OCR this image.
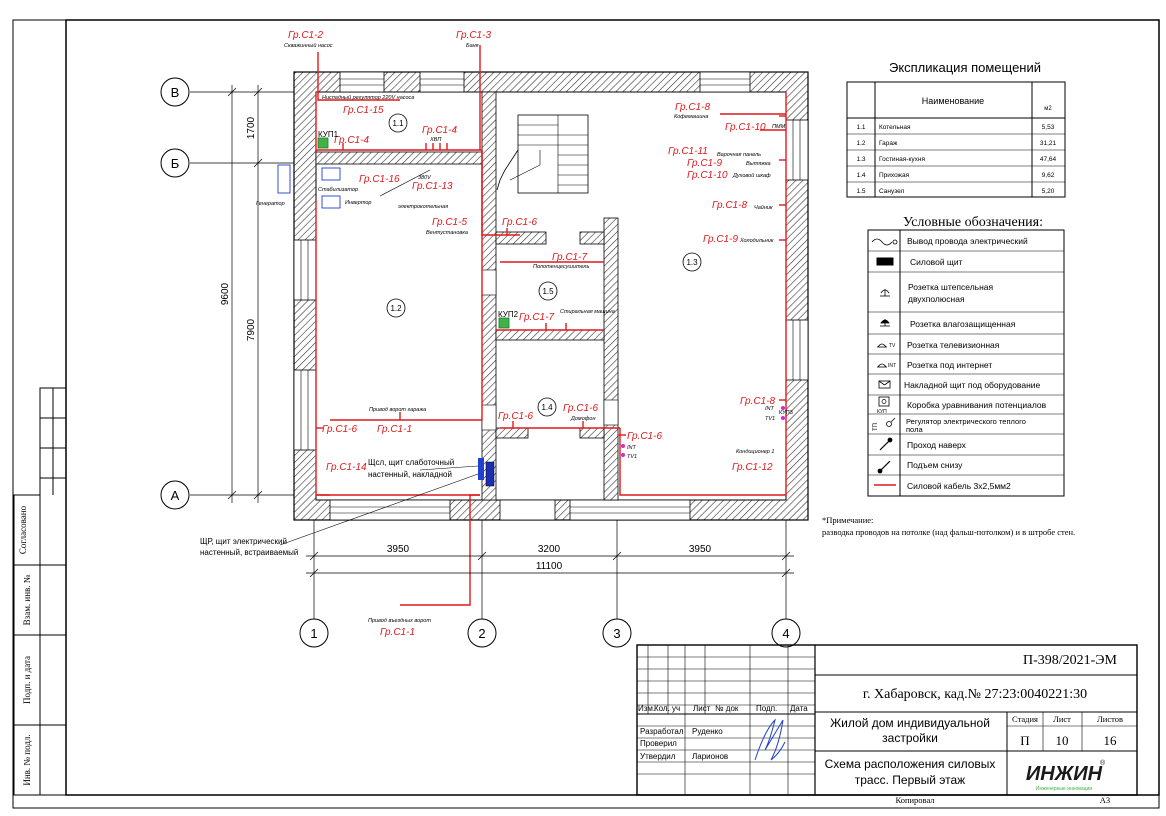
Согласовано
Взам. инв. №
Подп. и дата
Инв. № подл.
1.1
1.2
1.3
1.4
1.5
В
Б
А
1	2	3	4
1700
9600
7900
3950	3200	3950
11100
Гр.С1-2	Гр.С1-3
Гр.С1-15
Гр.С1-4
Гр.С1-4
Гр.С1-16
Гр.С1-13
Гр.С1-5	Гр.С1-6
Гр.С1-7
Гр.С1-7
Гр.С1-8
Гр.С1-10
Гр.С1-11
Гр.С1-9
Гр.С1-10
Гр.С1-8
Гр.С1-9
Гр.С1-1
Гр.С1-6
Гр.С1-6
Гр.С1-6
Гр.С1-6
Гр.С1-8
Гр.С1-12
Гр.С1-14
Гр.С1-1
Скважинный насос	Баня
Ниспадный регулятор 220V насоса
ХВП
Стабилизатор
Генератор	Инвертор
380V
электрокотельная
Вентустановка
Полотенцесушитель
Стиральная машина
Кофемашина
ПММ
Варочная панель
Вытяжка
Духовой шкаф
Чайник
Холодильник
Привод ворот гаража
Домофон
INT
ТV1
INT
ТV1
Кондиционер 1
Привод въездных ворот
КУП1
КУП2
КУП3
Щсл, щит слаботочный
настенный, накладной
ЩР, щит электрический
настенный, встраиваемый
Экспликация помещений
Наименование
м2
1.1 Котельная	5,53
1.2 Гараж	31,21
1.3 Гостиная-кухня	47,64
1.4 Прихожая	9,62
1.5 Санузел	5,20
Условные обозначения:
TV
INT
КУП
ТП
Вывод провода электрический
Силовой щит
Розетка штепсельная
двухполюсная
Розетка влагозащищенная
Розетка телевизионная
Розетка под интернет
Накладной щит под оборудование
Коробка уравнивания потенциалов
Регулятор электрического теплого
пола
Проход наверх
Подъем снизу
Силовой кабель 3х2,5мм2
*Примечание:
разводка проводов на потолке (над фальш-потолком) и в штробе стен.
Изм.
Кол. уч Лист № док Подп. Дата
Разработал Руденко
Проверил
Утвердил Ларионов
П-398/2021-ЭМ
г. Хабаровск, кад.№ 27:23:0040221:30
Жилой дом индивидуальной
застройки
Стадия Лист	Листов
П 10	16
Схема расположения силовых
трасс. Первый этаж	ИНЖИН
®
Инженерные инновации
Копировал	А3
